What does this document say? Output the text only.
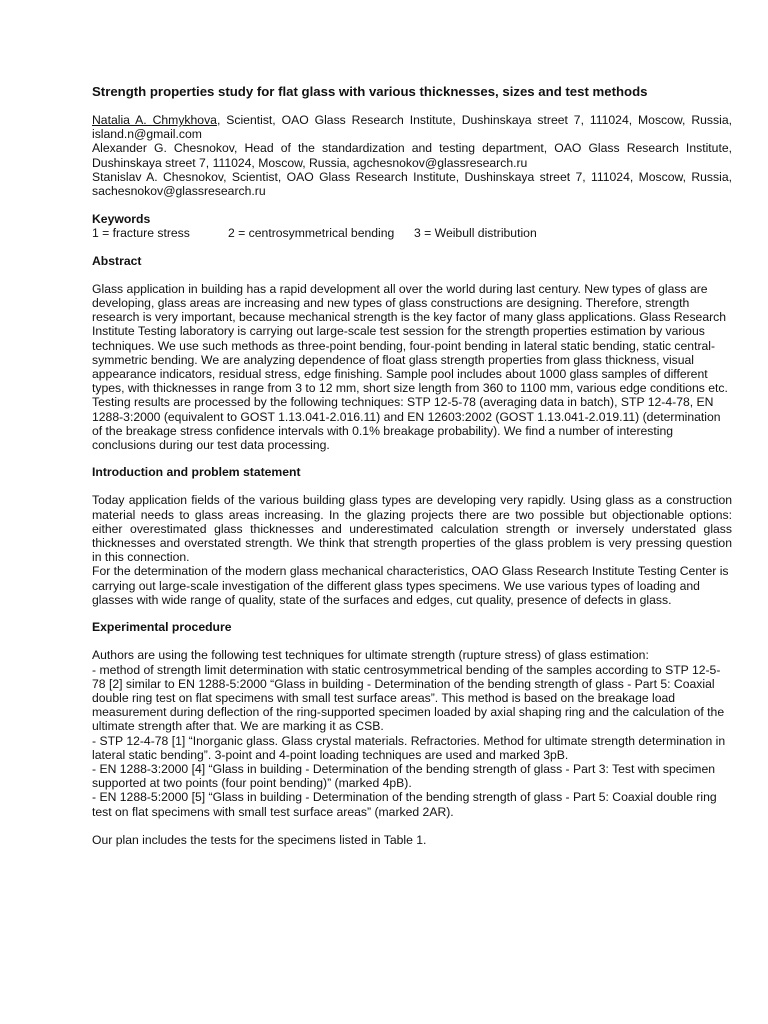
Strength properties study for flat glass with various thicknesses, sizes and test methods

Natalia A. Chmykhova, Scientist, OAO Glass Research Institute, Dushinskaya street 7, 111024, Moscow, Russia, island.n@gmail.com

Alexander G. Chesnokov, Head of the standardization and testing department, OAO Glass Research Institute, Dushinskaya street 7, 111024, Moscow, Russia, agchesnokov@glassresearch.ru

Stanislav A. Chesnokov, Scientist, OAO Glass Research Institute, Dushinskaya street 7, 111024, Moscow, Russia, sachesnokov@glassresearch.ru

Keywords
1 = fracture stress	2 = centrosymmetrical bending	3 = Weibull distribution
Abstract

Glass application in building has a rapid development all over the world during last century. New types of glass are developing, glass areas are increasing and new types of glass constructions are designing. Therefore, strength research is very important, because mechanical strength is the key factor of many glass applications. Glass Research Institute Testing laboratory is carrying out large-scale test session for the strength properties estimation by various techniques. We use such methods as three-point bending, four-point bending in lateral static bending, static central-symmetric bending. We are analyzing dependence of float glass strength properties from glass thickness, visual appearance indicators, residual stress, edge finishing. Sample pool includes about 1000 glass samples of different types, with thicknesses in range from 3 to 12 mm, short size length from 360 to 1100 mm, various edge conditions etc. Testing results are processed by the following techniques: STP 12-5-78 (averaging data in batch), STP 12-4-78, EN 1288-3:2000 (equivalent to GOST 1.13.041-2.016.11) and EN 12603:2002 (GOST 1.13.041-2.019.11) (determination of the breakage stress confidence intervals with 0.1% breakage probability). We find a number of interesting conclusions during our test data processing.

Introduction and problem statement

Today application fields of the various building glass types are developing very rapidly. Using glass as a construction material needs to glass areas increasing. In the glazing projects there are two possible but objectionable options: either overestimated glass thicknesses and underestimated calculation strength or inversely understated glass thicknesses and overstated strength. We think that strength properties of the glass problem is very pressing question in this connection.

For the determination of the modern glass mechanical characteristics, OAO Glass Research Institute Testing Center is carrying out large-scale investigation of the different glass types specimens. We use various types of loading and glasses with wide range of quality, state of the surfaces and edges, cut quality, presence of defects in glass.

Experimental procedure

Authors are using the following test techniques for ultimate strength (rupture stress) of glass estimation:

- method of strength limit determination with static centrosymmetrical bending of the samples according to STP 12-5-78 [2] similar to EN 1288-5:2000 “Glass in building - Determination of the bending strength of glass - Part 5: Coaxial double ring test on flat specimens with small test surface areas”. This method is based on the breakage load measurement during deflection of the ring-supported specimen loaded by axial shaping ring and the calculation of the ultimate strength after that. We are marking it as CSB.

- STP 12-4-78 [1] “Inorganic glass. Glass crystal materials. Refractories. Method for ultimate strength determination in lateral static bending”. 3-point and 4-point loading techniques are used and marked 3pB.

- EN 1288-3:2000 [4] “Glass in building - Determination of the bending strength of glass - Part 3: Test with specimen supported at two points (four point bending)” (marked 4pB).

- EN 1288-5:2000 [5] “Glass in building - Determination of the bending strength of glass - Part 5: Coaxial double ring test on flat specimens with small test surface areas” (marked 2AR).

Our plan includes the tests for the specimens listed in Table 1.
